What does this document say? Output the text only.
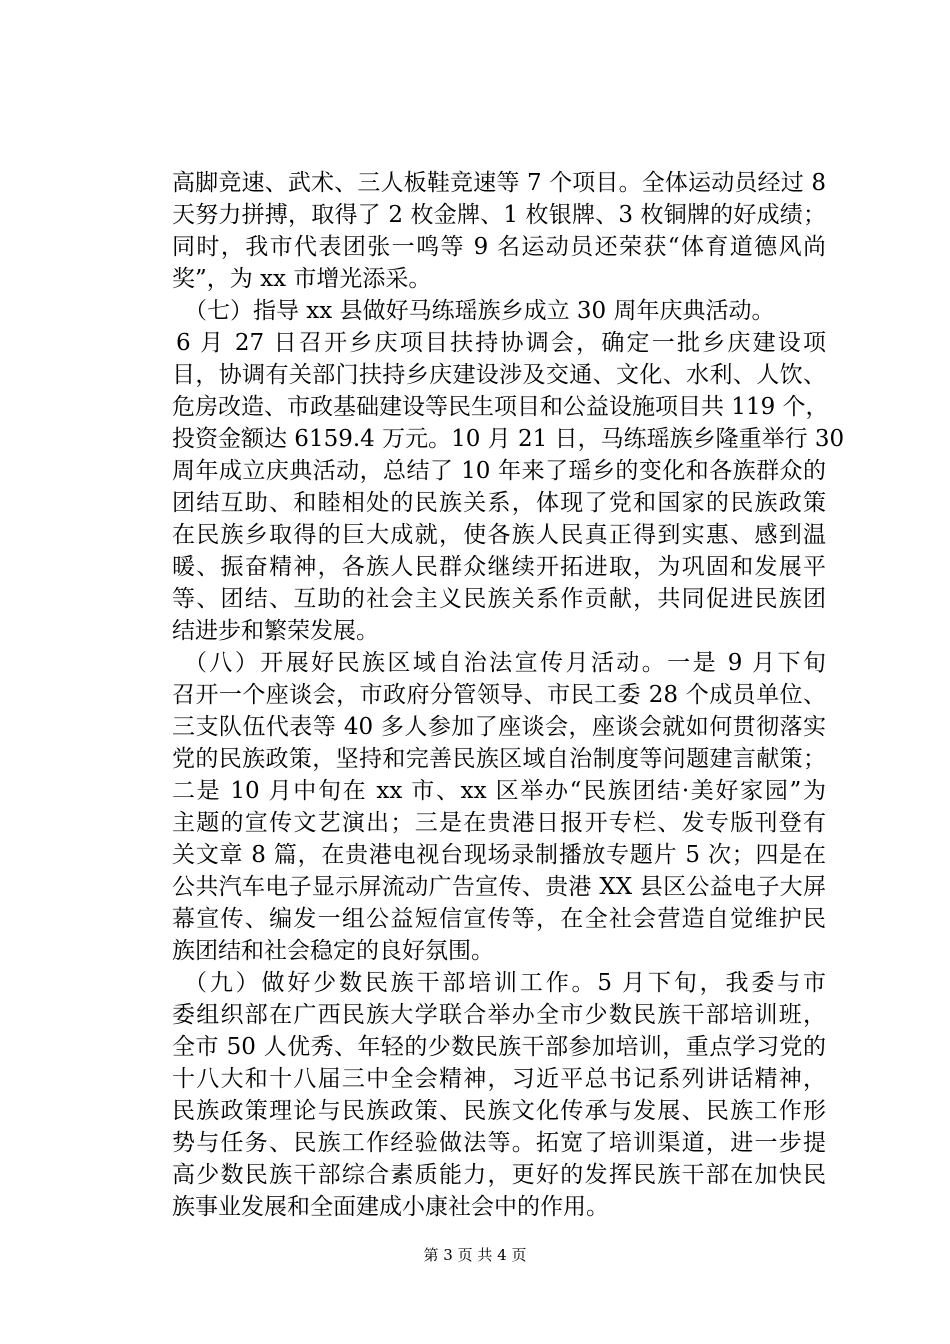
高脚竞速、武术、三人板鞋竞速等 7 个项目。全体运动员经过 8
天努力拼搏，取得了 2 枚金牌、1 枚银牌、3 枚铜牌的好成绩；
同时，我市代表团张一鸣等 9 名运动员还荣获“体育道德风尚
奖”，为 xx 市增光添采。
（七）指导 xx 县做好马练瑶族乡成立 30 周年庆典活动。
6 月 27 日召开乡庆项目扶持协调会，确定一批乡庆建设项
目，协调有关部门扶持乡庆建设涉及交通、文化、水利、人饮、
危房改造、市政基础建设等民生项目和公益设施项目共 119 个，
投资金额达 6159.4 万元。10 月 21 日，马练瑶族乡隆重举行 30
周年成立庆典活动，总结了 10 年来了瑶乡的变化和各族群众的
团结互助、和睦相处的民族关系，体现了党和国家的民族政策
在民族乡取得的巨大成就，使各族人民真正得到实惠、感到温
暖、振奋精神，各族人民群众继续开拓进取，为巩固和发展平
等、团结、互助的社会主义民族关系作贡献，共同促进民族团
结进步和繁荣发展。
（八）开展好民族区域自治法宣传月活动。一是 9 月下旬
召开一个座谈会，市政府分管领导、市民工委 28 个成员单位、
三支队伍代表等 40 多人参加了座谈会，座谈会就如何贯彻落实
党的民族政策，坚持和完善民族区域自治制度等问题建言献策；
二是 10 月中旬在 xx 市、xx 区举办“民族团结·美好家园”为
主题的宣传文艺演出；三是在贵港日报开专栏、发专版刊登有
关文章 8 篇，在贵港电视台现场录制播放专题片 5 次；四是在
公共汽车电子显示屏流动广告宣传、贵港 XX 县区公益电子大屏
幕宣传、编发一组公益短信宣传等，在全社会营造自觉维护民
族团结和社会稳定的良好氛围。
（九）做好少数民族干部培训工作。5 月下旬，我委与市
委组织部在广西民族大学联合举办全市少数民族干部培训班，
全市 50 人优秀、年轻的少数民族干部参加培训，重点学习党的
十八大和十八届三中全会精神，习近平总书记系列讲话精神，
民族政策理论与民族政策、民族文化传承与发展、民族工作形
势与任务、民族工作经验做法等。拓宽了培训渠道，进一步提
高少数民族干部综合素质能力，更好的发挥民族干部在加快民
族事业发展和全面建成小康社会中的作用。
第 3 页 共 4 页
